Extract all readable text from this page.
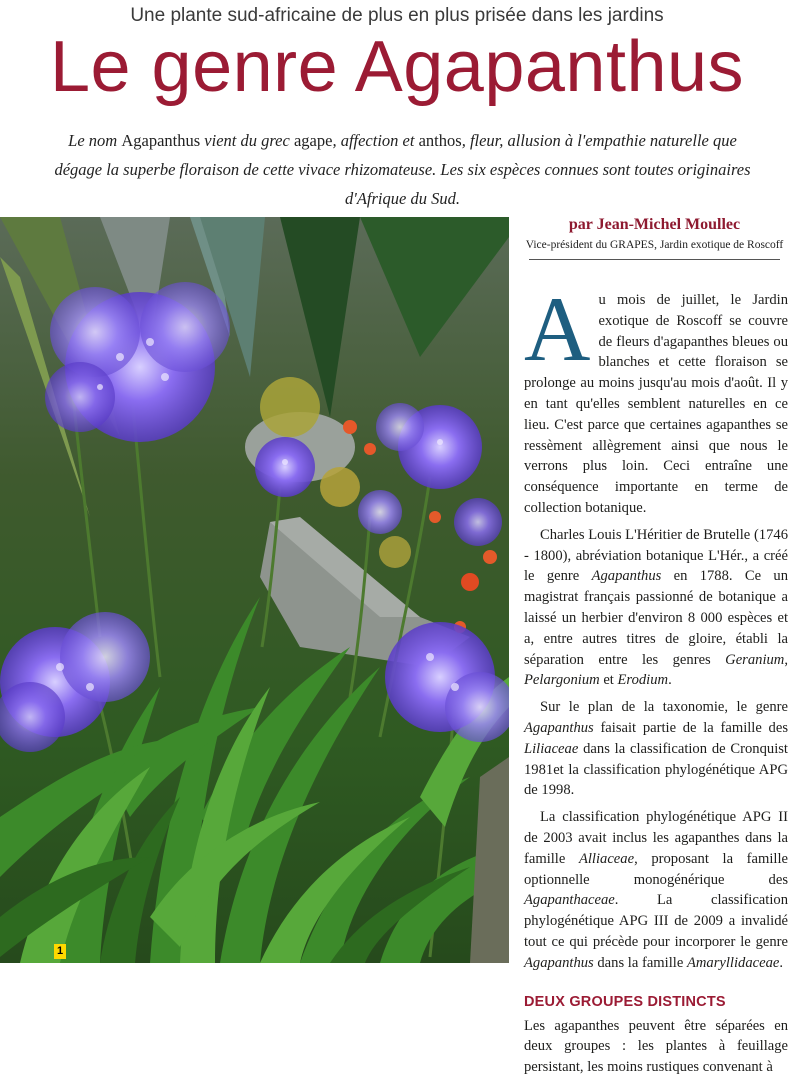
Une plante sud-africaine de plus en plus prisée dans les jardins
Le genre Agapanthus
Le nom Agapanthus vient du grec agape, affection et anthos, fleur, allusion à l'empathie naturelle que dégage la superbe floraison de cette vivace rhizomateuse. Les six espèces connues sont toutes originaires d'Afrique du Sud.
1
par Jean-Michel Moullec
Vice-président du GRAPES, Jardin exotique de Roscoff

Au mois de juillet, le Jardin exotique de Roscoff se couvre de fleurs d'agapanthes bleues ou blanches et cette floraison se prolonge au moins jusqu'au mois d'août. Il y en tant qu'elles semblent naturelles en ce lieu. C'est parce que certaines agapanthes se ressèment allègrement ainsi que nous le verrons plus loin. Ceci entraîne une conséquence importante en terme de collection botanique.

Charles Louis L'Héritier de Brutelle (1746 - 1800), abréviation botanique L'Hér., a créé le genre Agapanthus en 1788. Ce un magistrat français passionné de botanique a laissé un herbier d'environ 8 000 espèces et a, entre autres titres de gloire, établi la séparation entre les genres Geranium, Pelargonium et Erodium.

Sur le plan de la taxonomie, le genre Agapanthus faisait partie de la famille des Liliaceae dans la classification de Cronquist 1981et la classification phylogénétique APG de 1998.

La classification phylogénétique APG II de 2003 avait inclus les agapanthes dans la famille Alliaceae, proposant la famille optionnelle monogénérique des Agapanthaceae. La classification phylogénétique APG III de 2009 a invalidé tout ce qui précède pour incorporer le genre Agapanthus dans la famille Amaryllidaceae.

DEUX GROUPES DISTINCTS

Les agapanthes peuvent être séparées en deux groupes : les plantes à feuillage persistant, les moins rustiques convenant à
